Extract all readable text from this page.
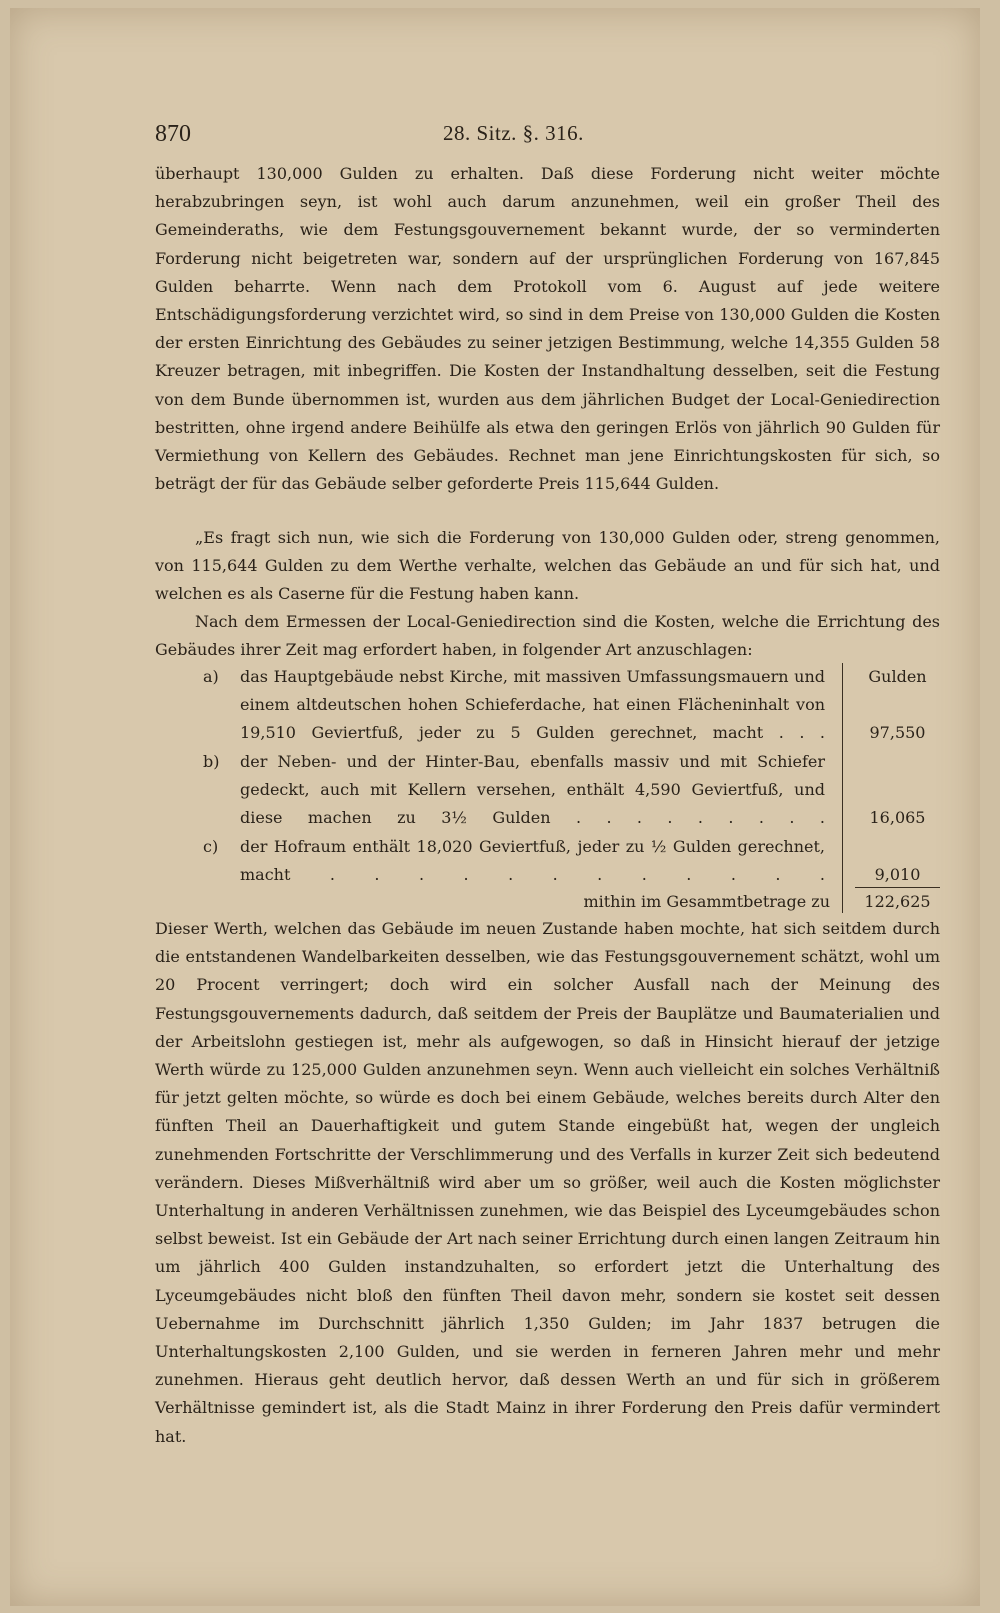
870	28. Sitz. §. 316.

überhaupt 130,000 Gulden zu erhalten. Daß diese Forderung nicht weiter möchte herabzubringen seyn, ist wohl auch darum anzunehmen, weil ein großer Theil des Gemeinderaths, wie dem Festungsgouvernement bekannt wurde, der so verminderten Forderung nicht beigetreten war, sondern auf der ursprünglichen Forderung von 167,845 Gulden beharrte. Wenn nach dem Protokoll vom 6. August auf jede weitere Entschädigungsforderung verzichtet wird, so sind in dem Preise von 130,000 Gulden die Kosten der ersten Einrichtung des Gebäudes zu seiner jetzigen Bestimmung, welche 14,355 Gulden 58 Kreuzer betragen, mit inbegriffen. Die Kosten der Instandhaltung desselben, seit die Festung von dem Bunde übernommen ist, wurden aus dem jährlichen Budget der Local-Geniedirection bestritten, ohne irgend andere Beihülfe als etwa den geringen Erlös von jährlich 90 Gulden für Vermiethung von Kellern des Gebäudes. Rechnet man jene Einrichtungskosten für sich, so beträgt der für das Gebäude selber geforderte Preis 115,644 Gulden.

„Es fragt sich nun, wie sich die Forderung von 130,000 Gulden oder, streng genommen, von 115,644 Gulden zu dem Werthe verhalte, welchen das Gebäude an und für sich hat, und welchen es als Caserne für die Festung haben kann.

Nach dem Ermessen der Local-Geniedirection sind die Kosten, welche die Errichtung des Gebäudes ihrer Zeit mag erfordert haben, in folgender Art anzuschlagen:

Gulden
a) das Hauptgebäude nebst Kirche, mit massiven Umfassungsmauern und einem altdeutschen hohen Schieferdache, hat einen Flächeninhalt von 19,510 Geviertfuß, jeder zu 5 Gulden gerechnet, macht . . .	97,550
b) der Neben- und der Hinter-Bau, ebenfalls massiv und mit Schiefer gedeckt, auch mit Kellern versehen, enthält 4,590 Geviertfuß, und diese machen zu 3½ Gulden . . . . . . . . .	16,065
c) der Hofraum enthält 18,020 Geviertfuß, jeder zu ½ Gulden gerechnet, macht . . . . . . . . . . . .	9,010
mithin im Gesammtbetrage zu	122,625

Dieser Werth, welchen das Gebäude im neuen Zustande haben mochte, hat sich seitdem durch die entstandenen Wandelbarkeiten desselben, wie das Festungsgouvernement schätzt, wohl um 20 Procent verringert; doch wird ein solcher Ausfall nach der Meinung des Festungsgouvernements dadurch, daß seitdem der Preis der Bauplätze und Baumaterialien und der Arbeitslohn gestiegen ist, mehr als aufgewogen, so daß in Hinsicht hierauf der jetzige Werth würde zu 125,000 Gulden anzunehmen seyn. Wenn auch vielleicht ein solches Verhältniß für jetzt gelten möchte, so würde es doch bei einem Gebäude, welches bereits durch Alter den fünften Theil an Dauerhaftigkeit und gutem Stande eingebüßt hat, wegen der ungleich zunehmenden Fortschritte der Verschlimmerung und des Verfalls in kurzer Zeit sich bedeutend verändern. Dieses Mißverhältniß wird aber um so größer, weil auch die Kosten möglichster Unterhaltung in anderen Verhältnissen zunehmen, wie das Beispiel des Lyceumgebäudes schon selbst beweist. Ist ein Gebäude der Art nach seiner Errichtung durch einen langen Zeitraum hin um jährlich 400 Gulden instandzuhalten, so erfordert jetzt die Unterhaltung des Lyceumgebäudes nicht bloß den fünften Theil davon mehr, sondern sie kostet seit dessen Uebernahme im Durchschnitt jährlich 1,350 Gulden; im Jahr 1837 betrugen die Unterhaltungskosten 2,100 Gulden, und sie werden in ferneren Jahren mehr und mehr zunehmen. Hieraus geht deutlich hervor, daß dessen Werth an und für sich in größerem Verhältnisse gemindert ist, als die Stadt Mainz in ihrer Forderung den Preis dafür vermindert hat.
